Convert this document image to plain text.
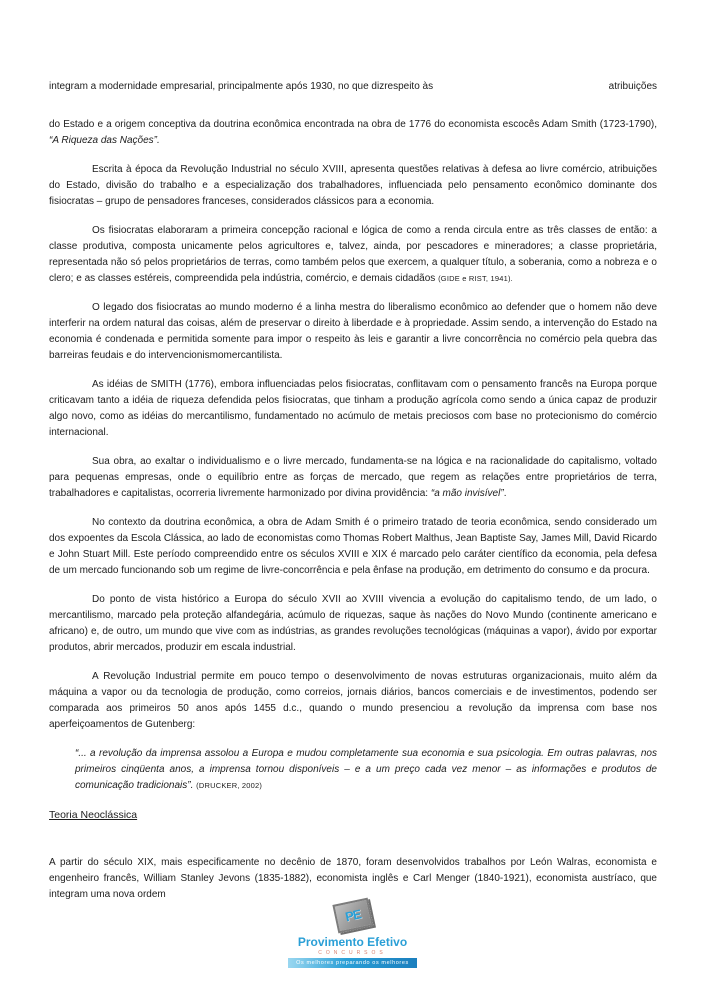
integram a modernidade empresarial, principalmente após 1930, no que dizrespeito às	atribuições

do Estado e a origem conceptiva da doutrina econômica encontrada na obra de 1776 do economista escocês Adam Smith (1723-1790), “A Riqueza das Nações”.

Escrita à época da Revolução Industrial no século XVIII, apresenta questões relativas à defesa ao livre comércio, atribuições do Estado, divisão do trabalho e a especialização dos trabalhadores, influenciada pelo pensamento econômico dominante dos fisiocratas – grupo de pensadores franceses, considerados clássicos para a economia.

Os fisiocratas elaboraram a primeira concepção racional e lógica de como a renda circula entre as três classes de então: a classe produtiva, composta unicamente pelos agricultores e, talvez, ainda, por pescadores e mineradores; a classe proprietária, representada não só pelos proprietários de terras, como também pelos que exercem, a qualquer título, a soberania, como a nobreza e o clero; e as classes estéreis, compreendida pela indústria, comércio, e demais cidadãos (GIDE e RIST, 1941).

O legado dos fisiocratas ao mundo moderno é a linha mestra do liberalismo econômico ao defender que o homem não deve interferir na ordem natural das coisas, além de preservar o direito à liberdade e à propriedade. Assim sendo, a intervenção do Estado na economia é condenada e permitida somente para impor o respeito às leis e garantir a livre concorrência no comércio pela quebra das barreiras feudais e do intervencionismomercantilista.

As idéias de SMITH (1776), embora influenciadas pelos fisiocratas, conflitavam com o pensamento francês na Europa porque criticavam tanto a idéia de riqueza defendida pelos fisiocratas, que tinham a produção agrícola como sendo a única capaz de produzir algo novo, como as idéias do mercantilismo, fundamentado no acúmulo de metais preciosos com base no protecionismo do comércio internacional.

Sua obra, ao exaltar o individualismo e o livre mercado, fundamenta-se na lógica e na racionalidade do capitalismo, voltado para pequenas empresas, onde o equilíbrio entre as forças de mercado, que regem as relações entre proprietários de terra, trabalhadores e capitalistas, ocorreria livremente harmonizado por divina providência: “a mão invisível”.

No contexto da doutrina econômica, a obra de Adam Smith é o primeiro tratado de teoria econômica, sendo considerado um dos expoentes da Escola Clássica, ao lado de economistas como Thomas Robert Malthus, Jean Baptiste Say, James Mill, David Ricardo e John Stuart Mill. Este período compreendido entre os séculos XVIII e XIX é marcado pelo caráter científico da economia, pela defesa de um mercado funcionando sob um regime de livre-concorrência e pela ênfase na produção, em detrimento do consumo e da procura.

Do ponto de vista histórico a Europa do século XVII ao XVIII vivencia a evolução do capitalismo tendo, de um lado, o mercantilismo, marcado pela proteção alfandegária, acúmulo de riquezas, saque às nações do Novo Mundo (continente americano e africano) e, de outro, um mundo que vive com as indústrias, as grandes revoluções tecnológicas (máquinas a vapor), ávido por exportar produtos, abrir mercados, produzir em escala industrial.

A Revolução Industrial permite em pouco tempo o desenvolvimento de novas estruturas organizacionais, muito além da máquina a vapor ou da tecnologia de produção, como correios, jornais diários, bancos comerciais e de investimentos, podendo ser comparada aos primeiros 50 anos após 1455 d.c., quando o mundo presenciou a revolução da imprensa com base nos aperfeiçoamentos de Gutenberg:

“... a revolução da imprensa assolou a Europa e mudou completamente sua economia e sua psicologia. Em outras palavras, nos primeiros cinqüenta anos, a imprensa tornou disponíveis – e a um preço cada vez menor – as informações e produtos de comunicação tradicionais”. (DRUCKER, 2002)

Teoria Neoclássica

A partir do século XIX, mais especificamente no decênio de 1870, foram desenvolvidos trabalhos por León Walras, economista e engenheiro francês, William Stanley Jevons (1835-1882), economista inglês e Carl Menger (1840-1921), economista austríaco, que integram uma nova ordem

PE
Provimento Efetivo
CONCURSOS
Os melhores preparando os melhores
